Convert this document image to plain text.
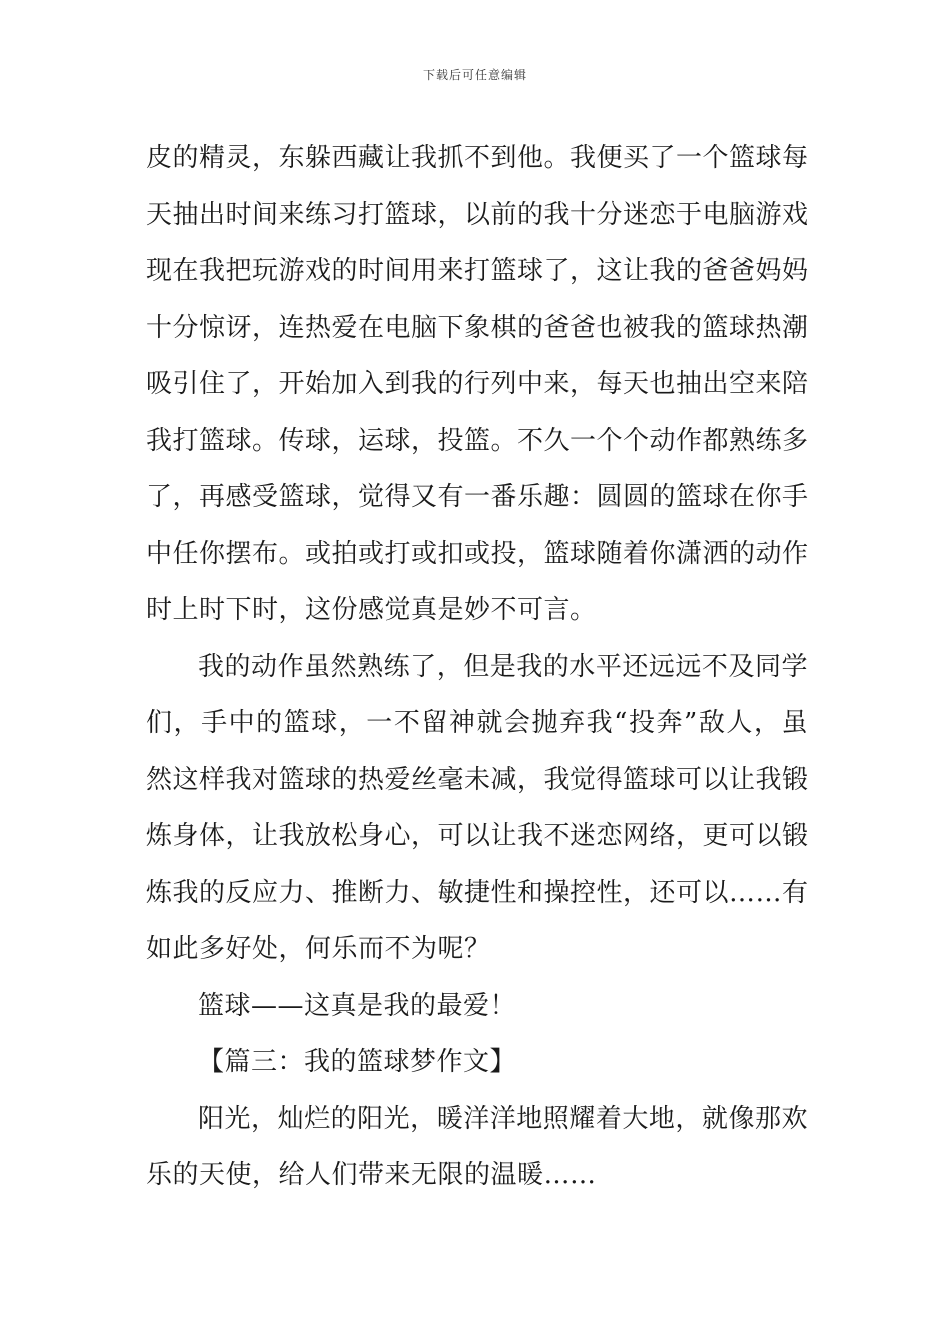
下载后可任意编辑

皮的精灵，东躲西藏让我抓不到他。我便买了一个篮球每
天抽出时间来练习打篮球，以前的我十分迷恋于电脑游戏
现在我把玩游戏的时间用来打篮球了，这让我的爸爸妈妈
十分惊讶，连热爱在电脑下象棋的爸爸也被我的篮球热潮
吸引住了，开始加入到我的行列中来，每天也抽出空来陪
我打篮球。传球，运球，投篮。不久一个个动作都熟练多
了，再感受篮球，觉得又有一番乐趣：圆圆的篮球在你手
中任你摆布。或拍或打或扣或投，篮球随着你潇洒的动作
时上时下时，这份感觉真是妙不可言。

我的动作虽然熟练了，但是我的水平还远远不及同学
们，手中的篮球，一不留神就会抛弃我“投奔”敌人，虽
然这样我对篮球的热爱丝毫未减，我觉得篮球可以让我锻
炼身体，让我放松身心，可以让我不迷恋网络，更可以锻
炼我的反应力、推断力、敏捷性和操控性，还可以……有
如此多好处，何乐而不为呢？

篮球——这真是我的最爱！

【篇三：我的篮球梦作文】

阳光，灿烂的阳光，暖洋洋地照耀着大地，就像那欢
乐的天使，给人们带来无限的温暖……
